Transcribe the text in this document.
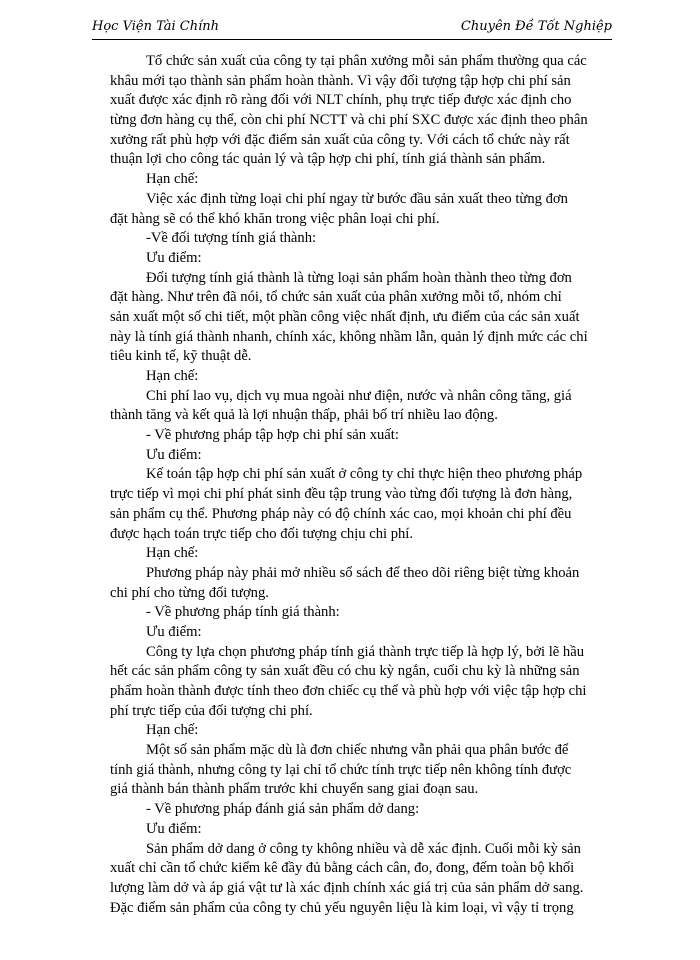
Học Viện Tài Chính	Chuyên Đề Tốt Nghiệp
Tổ chức sản xuất của công ty tại phân xưởng mỗi sản phẩm thường qua các
khâu mới tạo thành sản phẩm hoàn thành. Vì vậy đối tượng tập hợp chi phí sản
xuất được xác định rõ ràng đối với NLT chính, phụ trực tiếp được xác định cho
từng đơn hàng cụ thể, còn chi phí NCTT và chi phí SXC được xác định theo phân
xưởng rất phù hợp với đặc điểm sản xuất của công ty. Với cách tổ chức này rất
thuận lợi cho công tác quản lý và tập hợp chi phí, tính giá thành sản phẩm.
Hạn chế:
Việc xác định từng loại chi phí ngay từ bước đầu sản xuất theo từng đơn
đặt hàng sẽ có thể khó khăn trong việc phân loại chi phí.
-Về đối tượng tính giá thành:
Ưu điểm:
Đối tượng tính giá thành là từng loại sản phẩm hoàn thành theo từng đơn
đặt hàng. Như trên đã nói, tổ chức sản xuất của phân xưởng mỗi tổ, nhóm chỉ
sản xuất một số chi tiết, một phần công việc nhất định, ưu điểm của các sản xuất
này là tính giá thành nhanh, chính xác, không nhầm lẫn, quản lý định mức các chỉ
tiêu kinh tế, kỹ thuật dễ.
Hạn chế:
Chi phí lao vụ, dịch vụ mua ngoài như điện, nước và nhân công tăng, giá
thành tăng và kết quả là lợi nhuận thấp, phải bố trí nhiều lao động.
- Về phương pháp tập hợp chi phí sản xuất:
Ưu điểm:
Kế toán tập hợp chi phí sản xuất ở công ty chỉ thực hiện theo phương pháp
trực tiếp vì mọi chi phí phát sinh đều tập trung vào từng đối tượng là đơn hàng,
sản phẩm cụ thể. Phương pháp này có độ chính xác cao, mọi khoản chi phí đều
được hạch toán trực tiếp cho đối tượng chịu chi phí.
Hạn chế:
Phương pháp này phải mở nhiều sổ sách để theo dõi riêng biệt từng khoản
chi phí cho từng đối tượng.
- Về phương pháp tính giá thành:
Ưu điểm:
Công ty lựa chọn phương pháp tính giá thành trực tiếp là hợp lý, bởi lẽ hầu
hết các sản phẩm công ty sản xuất đều có chu kỳ ngắn, cuối chu kỳ là những sản
phẩm hoàn thành được tính theo đơn chiếc cụ thể và phù hợp với việc tập hợp chi
phí trực tiếp của đối tượng chi phí.
Hạn chế:
Một số sản phẩm mặc dù là đơn chiếc nhưng vẫn phải qua phân bước để
tính giá thành, nhưng công ty lại chỉ tổ chức tính trực tiếp nên không tính được
giá thành bán thành phẩm trước khi chuyển sang giai đoạn sau.
- Về phương pháp đánh giá sản phẩm dở dang:
Ưu điểm:
Sản phẩm dở dang ở công ty không nhiều và dễ xác định. Cuối mỗi kỳ sản
xuất chỉ cần tổ chức kiểm kê đầy đủ bằng cách cân, đo, đong, đếm toàn bộ khối
lượng làm dở và áp giá vật tư là xác định chính xác giá trị của sản phẩm dở sang.
Đặc điểm sản phẩm của công ty chủ yếu nguyên liệu là kim loại, vì vậy tỉ trọng
